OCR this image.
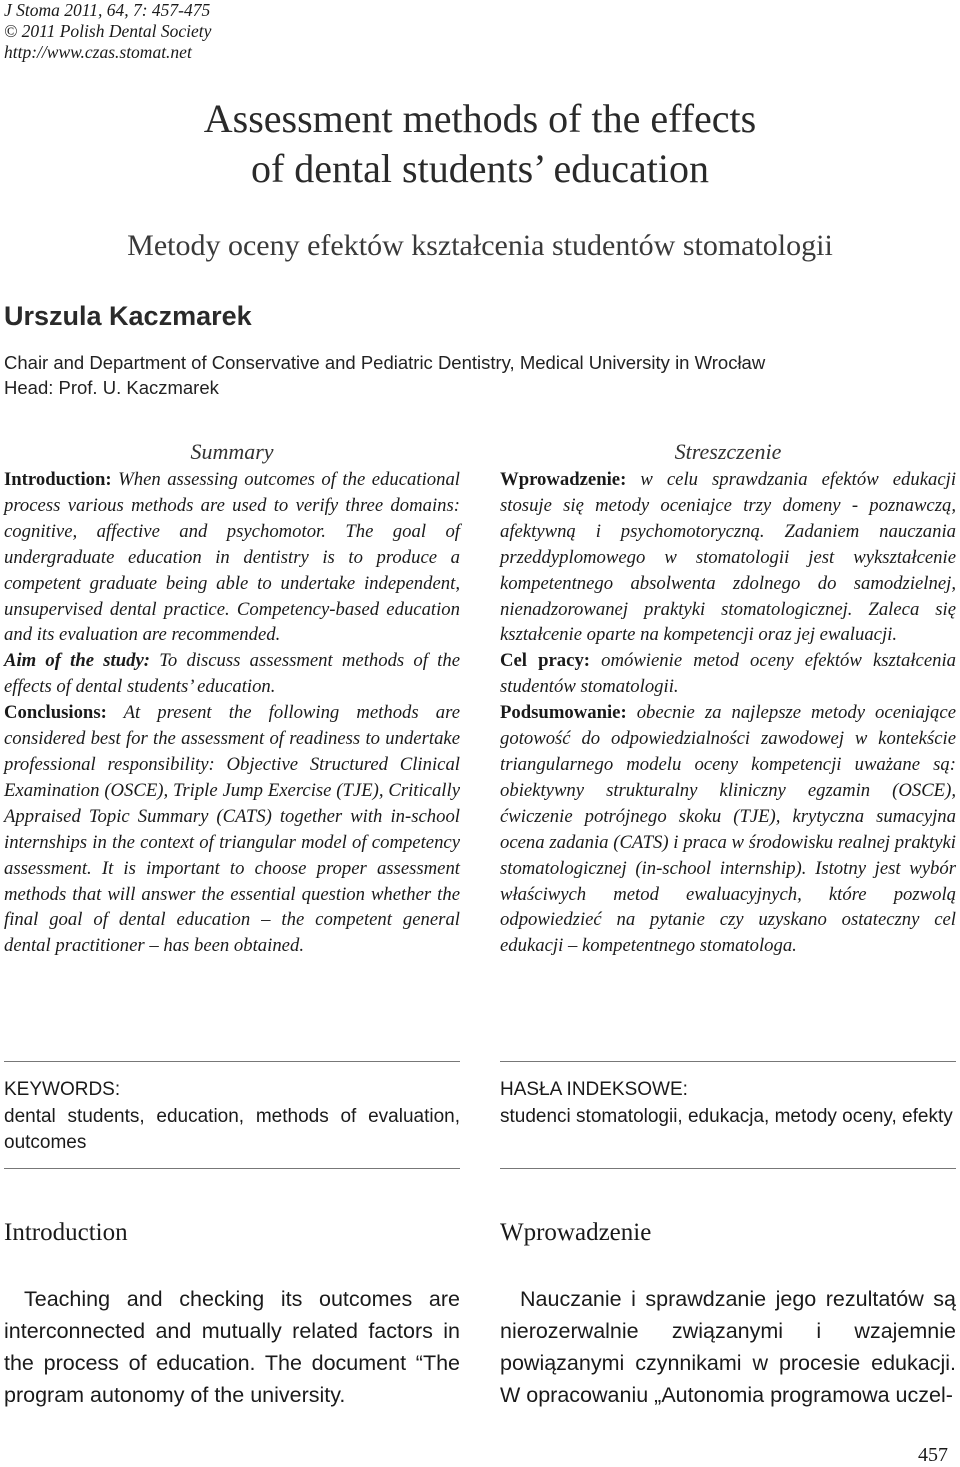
J Stoma 2011, 64, 7: 457-475
© 2011 Polish Dental Society
http://www.czas.stomat.net
Assessment methods of the effects
of dental students’ education
Metody oceny efektów kształcenia studentów stomatologii
Urszula Kaczmarek
Chair and Department of Conservative and Pediatric Dentistry, Medical University in Wrocław
Head: Prof. U. Kaczmarek
Summary

Introduction: When assessing outcomes of the educational process various methods are used to verify three domains: cognitive, affective and psychomotor. The goal of undergraduate education in dentistry is to produce a competent graduate being able to undertake independent, unsupervised dental practice. Competency-based education and its evaluation are recommended.

Aim of the study: To discuss assessment methods of the effects of dental students’ education.

Conclusions: At present the following methods are considered best for the assessment of readiness to undertake professional responsibility: Objective Structured Clinical Examination (OSCE), Triple Jump Exercise (TJE), Critically Appraised Topic Summary (CATS) together with in-school internships in the context of triangular model of competency assessment. It is important to choose proper assessment methods that will answer the essential question whether the final goal of dental education – the competent general dental practitioner – has been obtained.

Streszczenie

Wprowadzenie: w celu sprawdzania efektów edukacji stosuje się metody oceniajce trzy domeny - poznawczą, afektywną i psychomotoryczną. Zadaniem nauczania przeddyplomowego w stomatologii jest wykształcenie kompetentnego absolwenta zdolnego do samodzielnej, nienadzorowanej praktyki stomatologicznej. Zaleca się kształcenie oparte na kompetencji oraz jej ewaluacji.

Cel pracy: omówienie metod oceny efektów kształcenia studentów stomatologii.

Podsumowanie: obecnie za najlepsze metody oceniające gotowość do odpowiedzialności zawodowej w kontekście triangularnego modelu oceny kompetencji uważane są: obiektywny strukturalny kliniczny egzamin (OSCE), ćwiczenie potrójnego skoku (TJE), krytyczna sumacyjna ocena zadania (CATS) i praca w środowisku realnej praktyki stomatologicznej (in-school internship). Istotny jest wybór właściwych metod ewaluacyjnych, które pozwolą odpowiedzieć na pytanie czy uzyskano ostateczny cel edukacji – kompetentnego stomatologa.

KEYWORDS:
dental students, education, methods of evaluation, outcomes
HASŁA INDEKSOWE:
studenci stomatologii, edukacja, metody oceny, efekty
Introduction

Teaching and checking its outcomes are interconnected and mutually related factors in the process of education. The document “The program autonomy of the university.

Wprowadzenie

Nauczanie i sprawdzanie jego rezultatów są nierozerwalnie związanymi i wzajemnie powiązanymi czynnikami w procesie edukacji. W opracowaniu „Autonomia programowa uczel-

457
